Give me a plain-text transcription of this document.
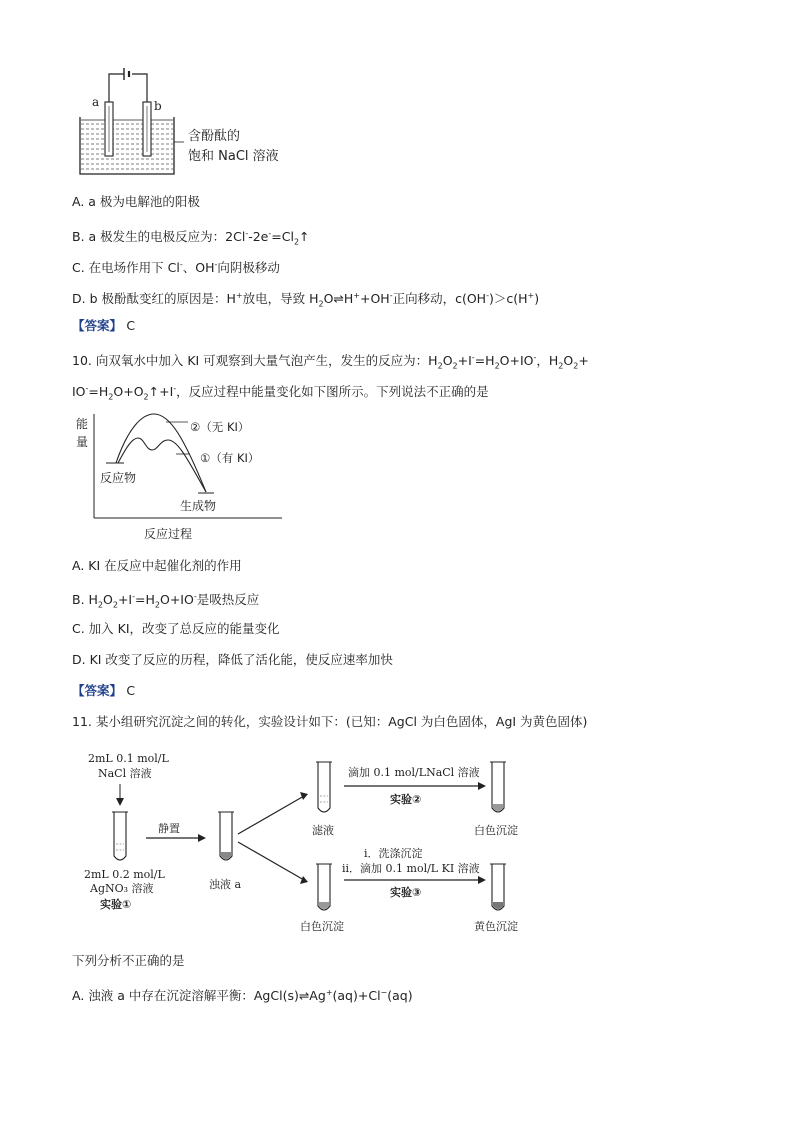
a	b
含酚酞的
饱和 NaCl 溶液
A. a 极为电解池的阳极
B. a 极发生的电极反应为：$2Cl^--2e^-=Cl_2↑$
C. 在电场作用下 Cl-、OH-向阴极移动
D. b 极酚酞变红的原因是：H+放电，导致 $H_2O\rightleftharpoons H^++OH^-$正向移动，c(OH-)＞c(H+)
【答案】 C
10. 向双氧水中加入 KI 可观察到大量气泡产生，发生的反应为：$H_2O_2+I^-=H_2O+IO^-$，$H_2O_2+$
$IO^-=H_2O+O_2↑+I^-$，反应过程中能量变化如下图所示。下列说法不正确的是
能
量
反应过程
②（无 KI）
①（有 KI）
反应物
生成物
A. KI 在反应中起催化剂的作用
B. $H_2O_2+I^-=H_2O+IO^-$是吸热反应
C. 加入 KI，改变了总反应的能量变化
D. KI 改变了反应的历程，降低了活化能，使反应速率加快
【答案】 C
11. 某小组研究沉淀之间的转化，实验设计如下：(已知：AgCl 为白色固体，AgI 为黄色固体)
2mL 0.1 mol/L
NaCl 溶液
2mL 0.2 mol/L
AgNO₃ 溶液
实验①
静置
浊液 a
滤液
滴加 0.1 mol/LNaCl 溶液
实验②
白色沉淀
白色沉淀
i．洗涤沉淀
ii．滴加 0.1 mol/L KI 溶液
实验③
黄色沉淀
下列分析不正确的是
A. 浊液 a 中存在沉淀溶解平衡：AgCl(s)⇌Ag+(aq)+Cl−(aq)
